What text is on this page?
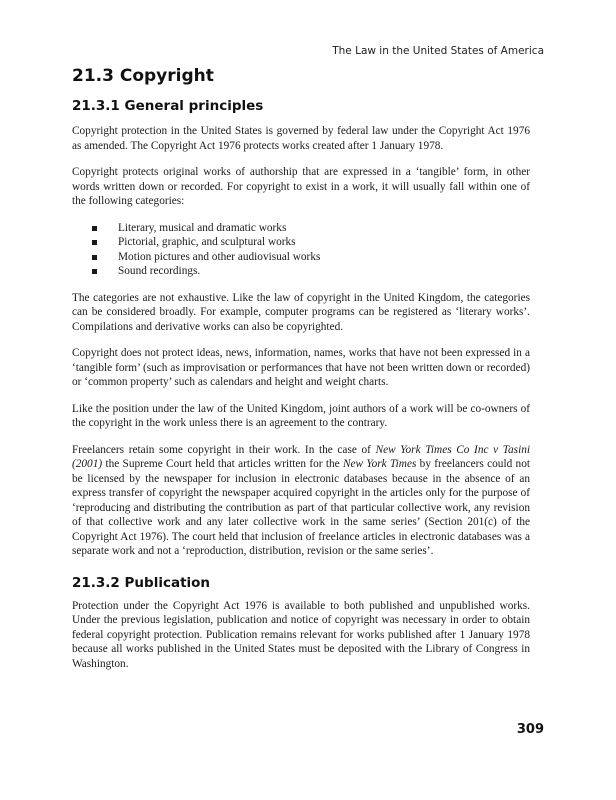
The Law in the United States of America
21.3 Copyright
21.3.1 General principles

Copyright protection in the United States is governed by federal law under the Copyright Act 1976 as amended. The Copyright Act 1976 protects works created after 1 January 1978.

Copyright protects original works of authorship that are expressed in a ‘tangible’ form, in other words written down or recorded. For copyright to exist in a work, it will usually fall within one of the following categories:

Literary, musical and dramatic works
Pictorial, graphic, and sculptural works
Motion pictures and other audiovisual works
Sound recordings.

The categories are not exhaustive. Like the law of copyright in the United Kingdom, the categories can be considered broadly. For example, computer programs can be registered as ‘literary works’. Compilations and derivative works can also be copyrighted.

Copyright does not protect ideas, news, information, names, works that have not been expressed in a ‘tangible form’ (such as improvisation or performances that have not been written down or recorded) or ‘common property’ such as calendars and height and weight charts.

Like the position under the law of the United Kingdom, joint authors of a work will be co-owners of the copyright in the work unless there is an agreement to the contrary.

Freelancers retain some copyright in their work. In the case of New York Times Co Inc v Tasini (2001) the Supreme Court held that articles written for the New York Times by freelancers could not be licensed by the newspaper for inclusion in electronic databases because in the absence of an express transfer of copyright the newspaper acquired copyright in the articles only for the purpose of ‘reproducing and distributing the contribution as part of that particular collective work, any revision of that collective work and any later collective work in the same series’ (Section 201(c) of the Copyright Act 1976). The court held that inclusion of freelance articles in electronic databases was a separate work and not a ‘reproduction, distribution, revision or the same series’.

21.3.2 Publication

Protection under the Copyright Act 1976 is available to both published and unpublished works. Under the previous legislation, publication and notice of copyright was necessary in order to obtain federal copyright protection. Publication remains relevant for works published after 1 January 1978 because all works published in the United States must be deposited with the Library of Congress in Washington.

309
